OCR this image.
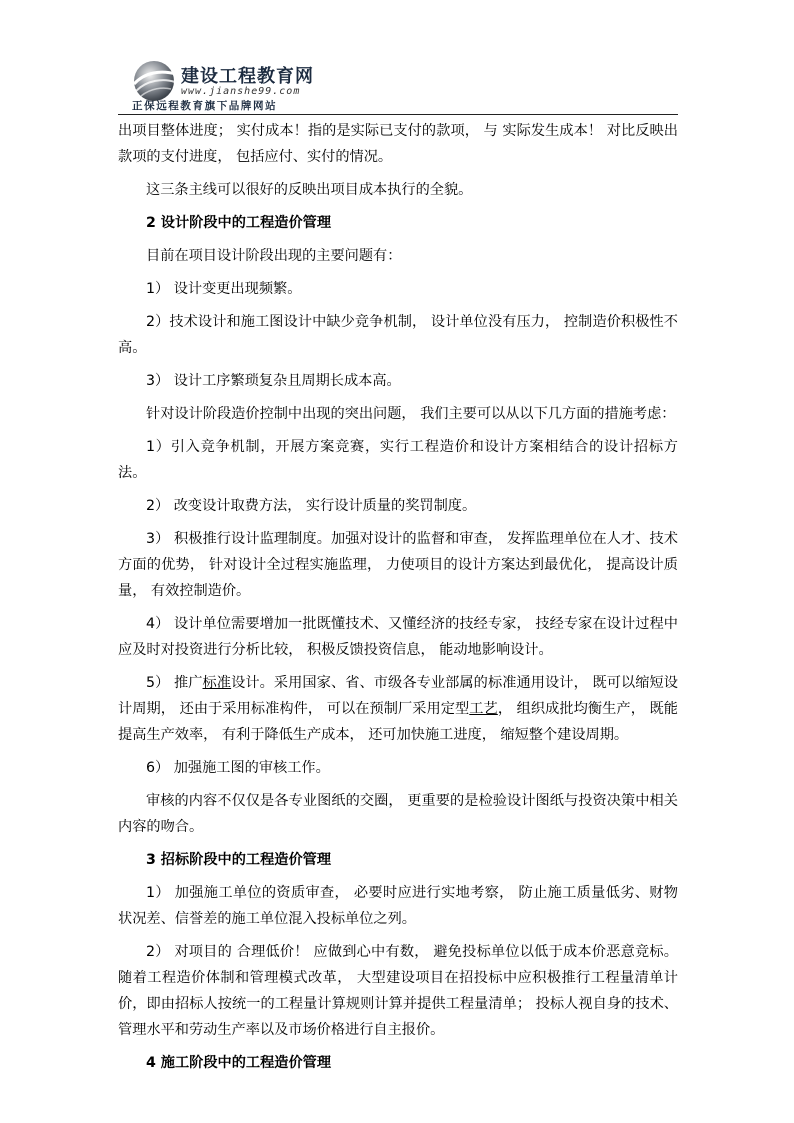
建设工程教育网
www.jianshe99.com
正保远程教育旗下品牌网站

出项目整体进度； 实付成本！指的是实际已支付的款项， 与 实际发生成本！ 对比反映出款项的支付进度， 包括应付、实付的情况。

这三条主线可以很好的反映出项目成本执行的全貌。

2 设计阶段中的工程造价管理

目前在项目设计阶段出现的主要问题有：

1） 设计变更出现频繁。

2）技术设计和施工图设计中缺少竞争机制， 设计单位没有压力， 控制造价积极性不高。

3） 设计工序繁琐复杂且周期长成本高。

针对设计阶段造价控制中出现的突出问题， 我们主要可以从以下几方面的措施考虑：

1）引入竞争机制，开展方案竞赛，实行工程造价和设计方案相结合的设计招标方法。

2） 改变设计取费方法， 实行设计质量的奖罚制度。

3） 积极推行设计监理制度。加强对设计的监督和审查， 发挥监理单位在人才、技术方面的优势， 针对设计全过程实施监理， 力使项目的设计方案达到最优化， 提高设计质量， 有效控制造价。

4） 设计单位需要增加一批既懂技术、又懂经济的技经专家， 技经专家在设计过程中应及时对投资进行分析比较， 积极反馈投资信息， 能动地影响设计。

5） 推广标准设计。采用国家、省、市级各专业部属的标准通用设计， 既可以缩短设计周期， 还由于采用标准构件， 可以在预制厂采用定型工艺， 组织成批均衡生产， 既能提高生产效率， 有利于降低生产成本， 还可加快施工进度， 缩短整个建设周期。

6） 加强施工图的审核工作。

审核的内容不仅仅是各专业图纸的交圈， 更重要的是检验设计图纸与投资决策中相关内容的吻合。

3 招标阶段中的工程造价管理

1） 加强施工单位的资质审查， 必要时应进行实地考察， 防止施工质量低劣、财物状况差、信誉差的施工单位混入投标单位之列。

2） 对项目的 合理低价！ 应做到心中有数， 避免投标单位以低于成本价恶意竞标。随着工程造价体制和管理模式改革， 大型建设项目在招投标中应积极推行工程量清单计价，即由招标人按统一的工程量计算规则计算并提供工程量清单； 投标人视自身的技术、管理水平和劳动生产率以及市场价格进行自主报价。

4 施工阶段中的工程造价管理
